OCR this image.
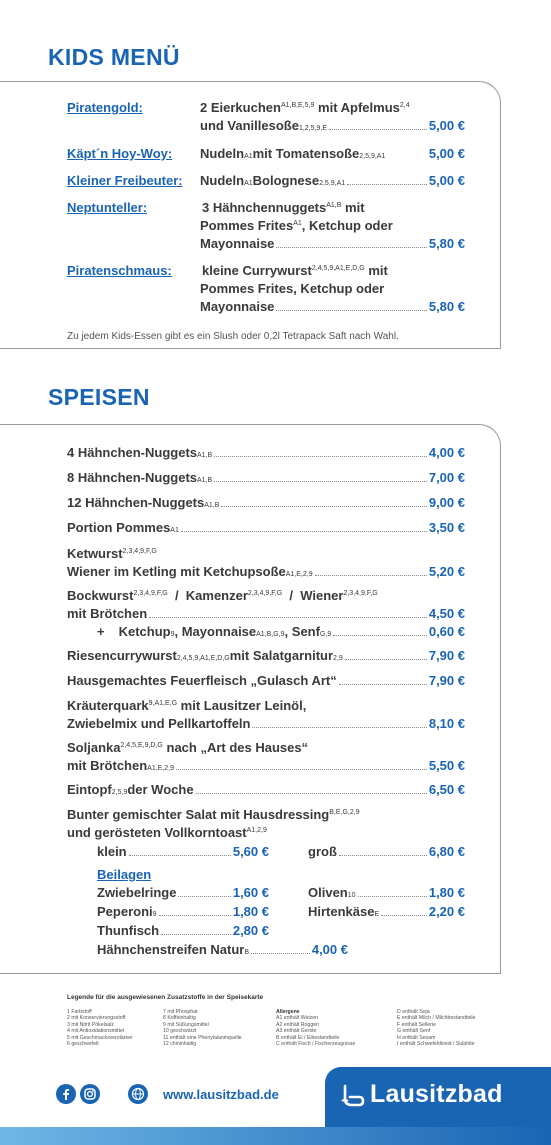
KIDS MENÜ
Piratengold:	2 Eierkuchen$^{A1,B,E,5,9}$ mit Apfelmus$^{2,4}$
und Vanillesoße 1,2,5,9,E	5,00 €
Käpt´n Hoy-Woy: Nudeln A1 mit Tomatensoße 2,5,9,A1	5,00 €
Kleiner Freibeuter: Nudeln A1 Bolognese 2,5,9,A1	5,00 €
Neptunteller:	3 Hähnchennuggets$^{A1,B}$ mit
Pommes Frites$^{A1}$, Ketchup oder
Mayonnaise	5,80 €
Piratenschmaus: kleine Currywurst$^{2,4,5,9,A1,E,D,G}$ mit
Pommes Frites, Ketchup oder
Mayonnaise	5,80 €
Zu jedem Kids-Essen gibt es ein Slush oder 0,2l Tetrapack Saft nach Wahl.
SPEISEN
4 Hähnchen-Nuggets A1,B	4,00 €
8 Hähnchen-Nuggets A1,B	7,00 €
12 Hähnchen-Nuggets A1,B	9,00 €
Portion Pommes A1	3,50 €
Ketwurst$^{2,3,4,9,F,G}$
Wiener im Ketling mit Ketchupsoße A1,E,2,9	5,20 €
Bockwurst$^{2,3,4,9,F,G}$  /  Kamenzer$^{2,3,4,9,F,G}$  /  Wiener$^{2,3,4,9,F,G}$
mit Brötchen	4,50 €
+ Ketchup 9 , Mayonnaise A1,B,G,9 , Senf G,9	0,60 €
Riesencurrywurst 2,4,5,9,A1,E,D,G mit Salatgarnitur 2,9	7,90 €
Hausgemachtes Feuerfleisch „Gulasch Art“	7,90 €
Kräuterquark$^{9,A1,E,G}$ mit Lausitzer Leinöl,
Zwiebelmix und Pellkartoffeln	8,10 €
Soljanka$^{2,4,5,E,9,D,G}$ nach „Art des Hauses“
mit Brötchen A1,E,2,9	5,50 €
Eintopf 2,5,9 der Woche	6,50 €
Bunter gemischter Salat mit Hausdressing$^{B,E,G,2,9}$
und gerösteten Vollkorntoast$^{A1,2,9}$
klein	5,60 €	groß	6,80 €
Beilagen
Zwiebelringe	1,60 €	Oliven 10	1,80 €
Peperoni 9	1,80 €	Hirtenkäse E	2,20 €
Thunfisch	2,80 €
Hähnchenstreifen Natur B	4,00 €
Legende für die ausgewiesenen Zusatzstoffe in der Speisekarte
1 Farbstoff
2 mit Konservierungsstoff
3 mit Nitrit Pökelsalz
4 mit Antioxidationsmittel
5 mit Geschmacksverstärker
6 geschwefelt
7 mit Phosphat
8 Koffeinhaltig
9 mit Süßungsmittel
10 geschwärzt
11 enthält eine Phenylalaninquelle
12 chininhaltig
Allergene
A1 enthält Weizen
A2 enthält Roggen
A3 enthält Gerste
B enthält Ei / Eibestandteile
C enthält Fisch / Fischerzeugnisse
D enthält Soja
E enthält Milch / Milchbestandteile
F enthält Sellerie
G enthält Senf
H enthält Sesam
I enthält Schwefeldioxid / Sulphite
www.lausitzbad.de	Lausitzbad
